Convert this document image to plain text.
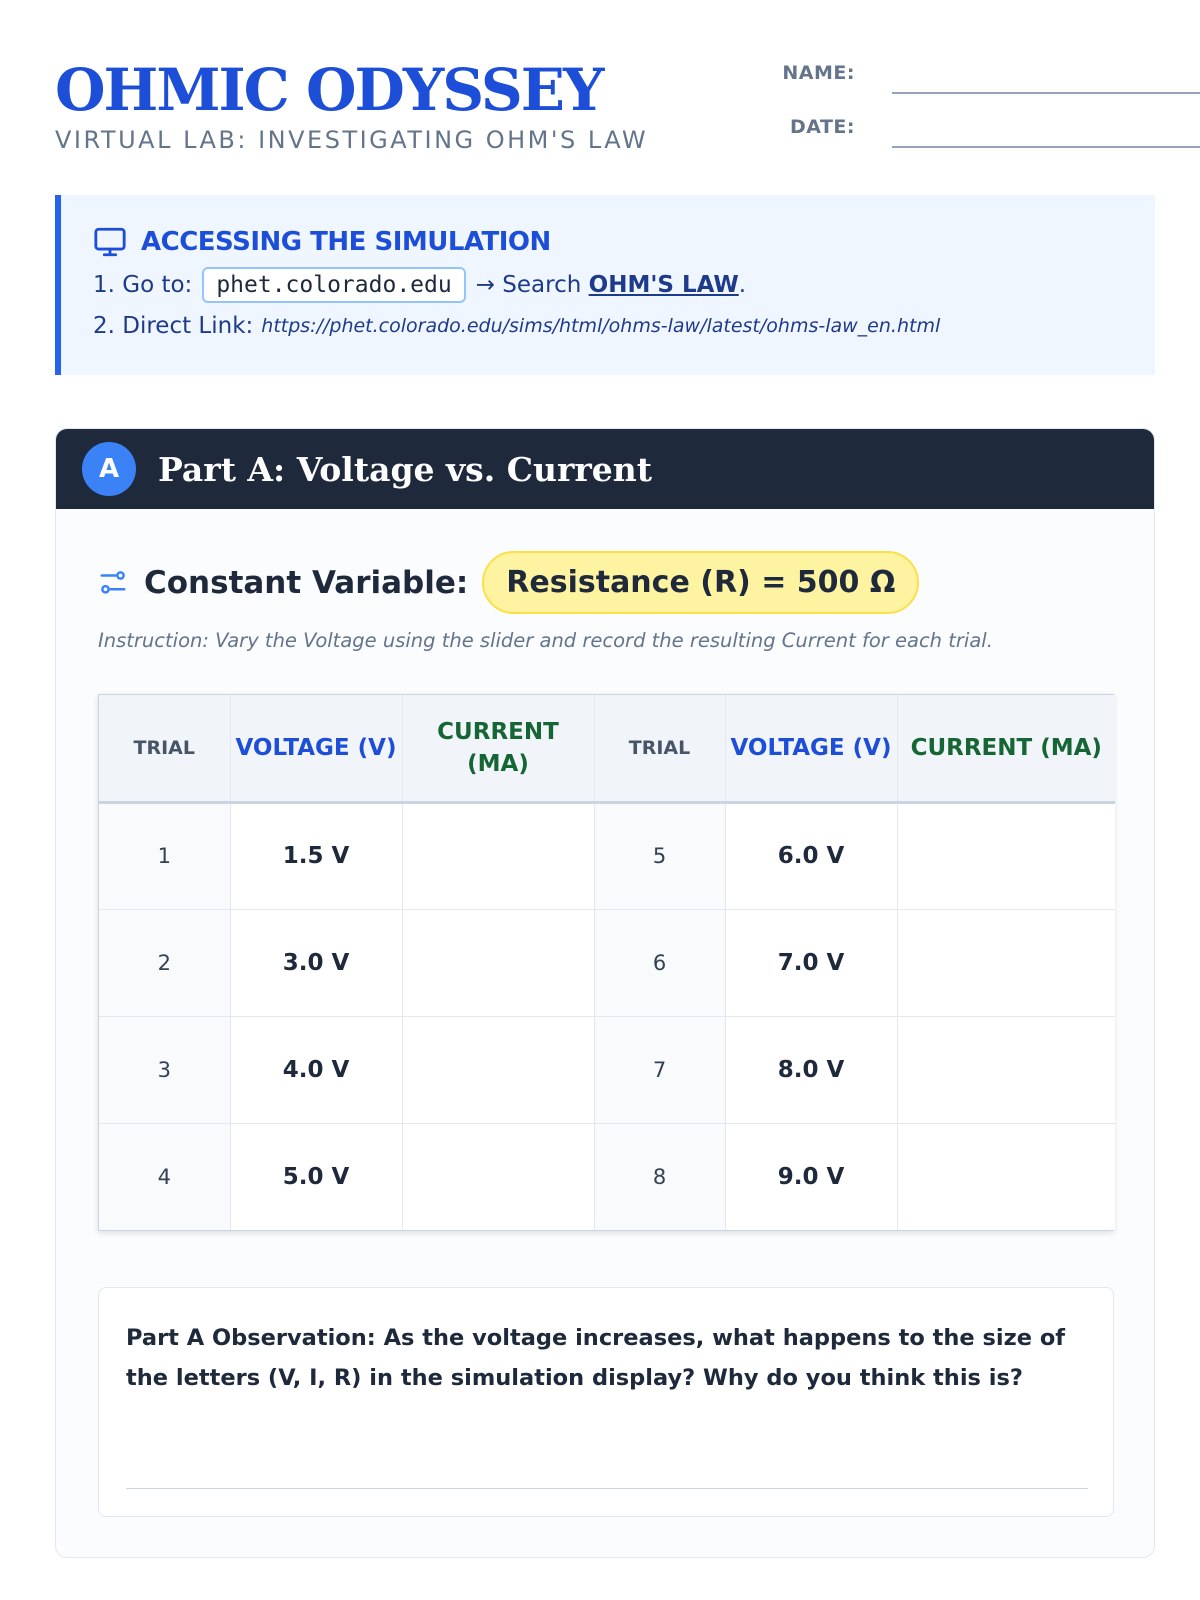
OHMIC ODYSSEY
VIRTUAL LAB: INVESTIGATING OHM'S LAW
NAME:
DATE:
ACCESSING THE SIMULATION
1. Go to:	phet.colorado.edu	→ Search
OHM'S LAW .
2. Direct Link: https://phet.colorado.edu/sims/html/ohms-law/latest/ohms-law_en.html
A	Part A: Voltage vs. Current
Constant Variable:	Resistance (R) = 500 Ω
Instruction: Vary the Voltage using the slider and record the resulting Current for each trial.
TRIAL	VOLTAGE (V)	CURRENT (MA)	TRIAL	VOLTAGE (V)	CURRENT (MA)
1	1.5 V		5	6.0 V	
2	3.0 V		6	7.0 V	
3	4.0 V		7	8.0 V	
4	5.0 V		8	9.0 V	
Part A Observation: As the voltage increases, what happens to the size of the letters (V, I, R) in the simulation display? Why do you think this is?
